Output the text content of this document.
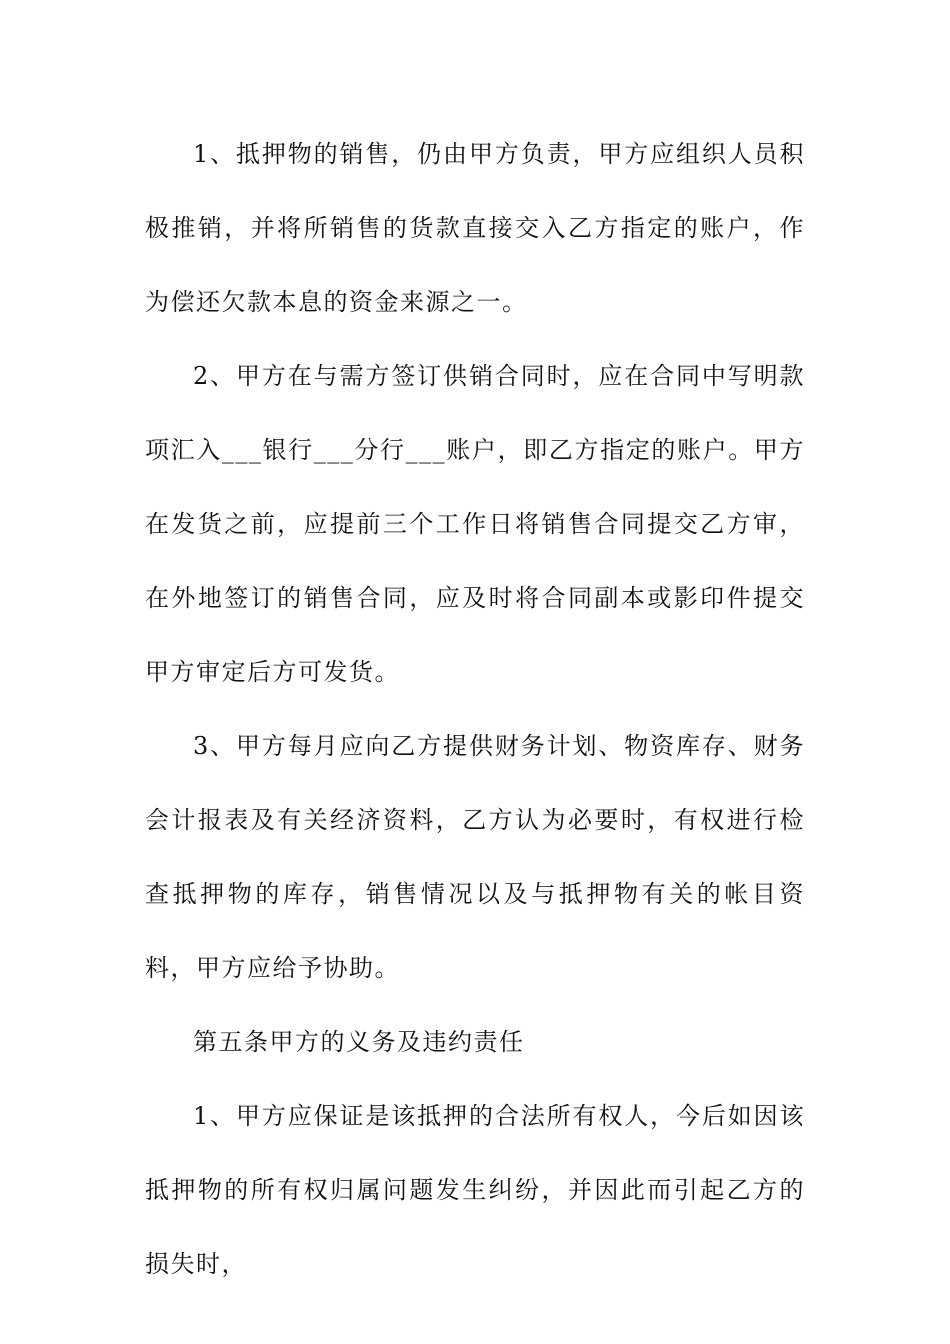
1、抵押物的销售，仍由甲方负责，甲方应组织人员积极推销，并将所销售的货款直接交入乙方指定的账户，作为偿还欠款本息的资金来源之一。

2、甲方在与需方签订供销合同时，应在合同中写明款项汇入___银行___分行___账户，即乙方指定的账户。甲方在发货之前，应提前三个工作日将销售合同提交乙方审，在外地签订的销售合同，应及时将合同副本或影印件提交甲方审定后方可发货。

3、甲方每月应向乙方提供财务计划、物资库存、财务会计报表及有关经济资料，乙方认为必要时，有权进行检查抵押物的库存，销售情况以及与抵押物有关的帐目资料，甲方应给予协助。

第五条甲方的义务及违约责任

1、甲方应保证是该抵押的合法所有权人，今后如因该抵押物的所有权归属问题发生纠纷，并因此而引起乙方的损失时，
